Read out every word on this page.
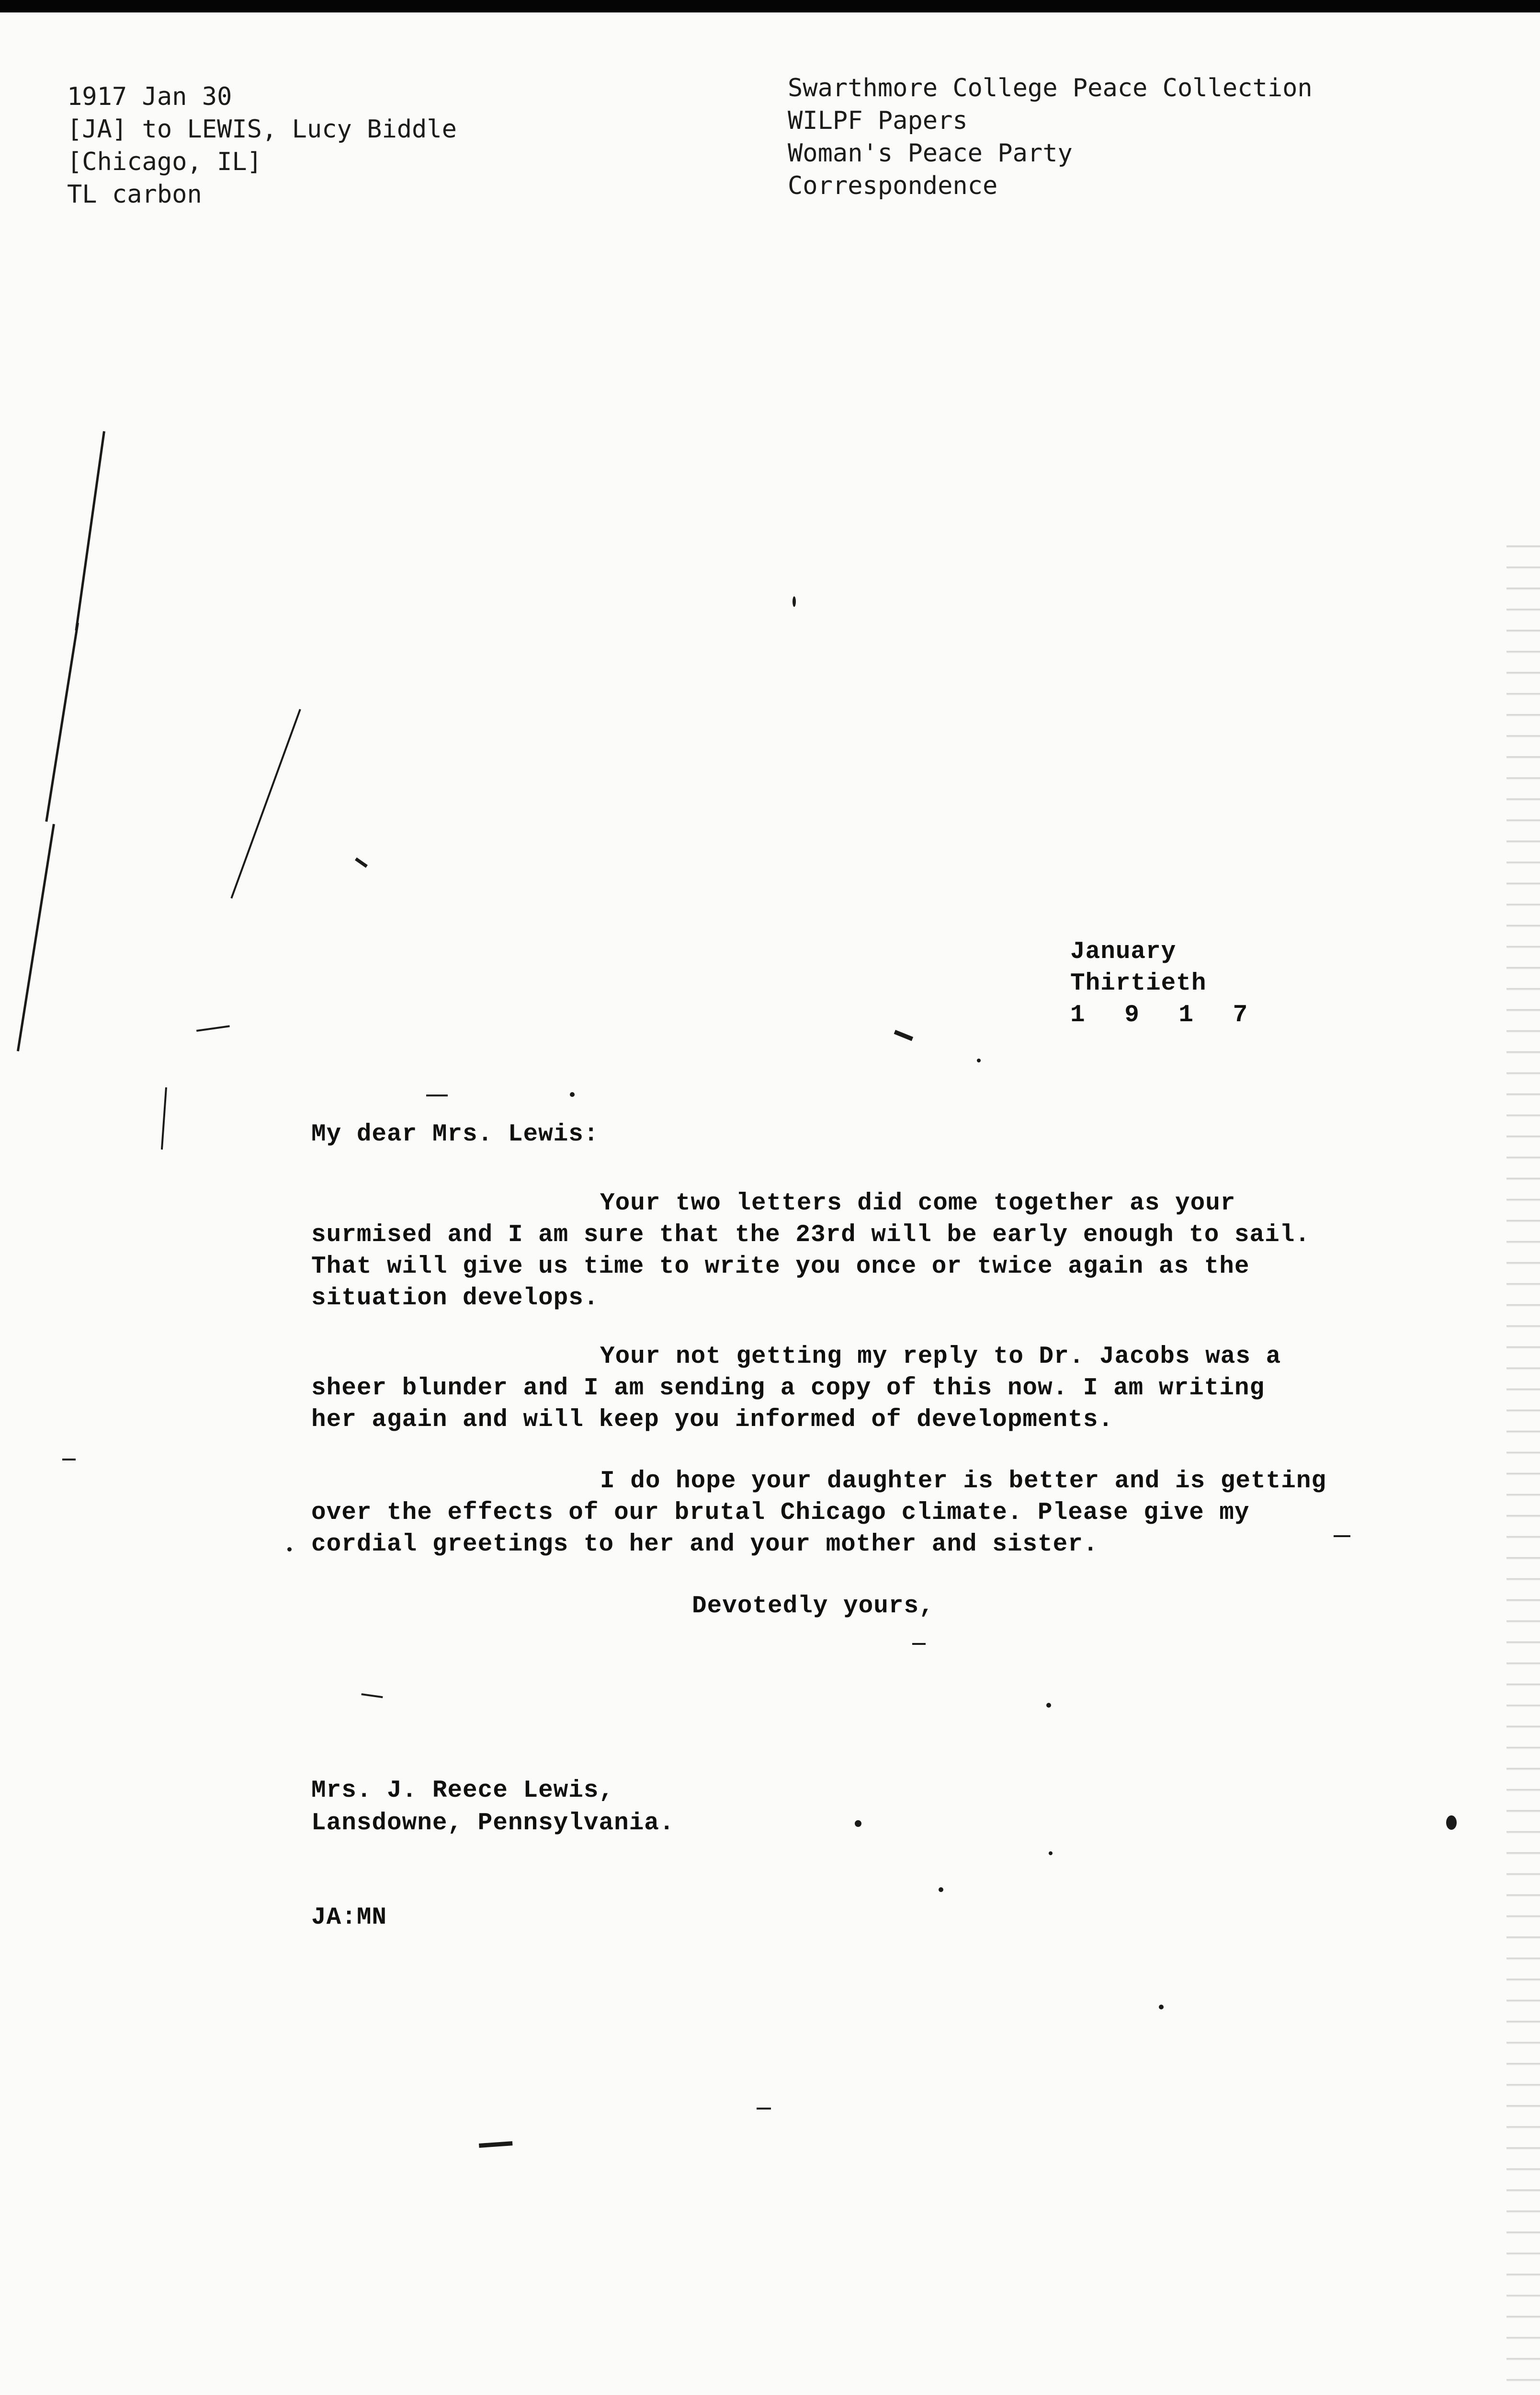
1917 Jan 30
[JA] to LEWIS, Lucy Biddle
[Chicago, IL]
TL carbon
Swarthmore College Peace Collection
WILPF Papers
Woman's Peace Party
Correspondence
January
Thirtieth
1 9 1 7
My dear Mrs. Lewis:
Your two letters did come together as your
surmised and I am sure that the 23rd will be early enough to sail.
That will give us time to write you once or twice again as the
situation develops.
Your not getting my reply to Dr. Jacobs was a
sheer blunder and I am sending a copy of this now. I am writing
her again and will keep you informed of developments.
I do hope your daughter is better and is getting
over the effects of our brutal Chicago climate. Please give my
cordial greetings to her and your mother and sister.
Devotedly yours,
Mrs. J. Reece Lewis,
Lansdowne, Pennsylvania.
JA:MN
